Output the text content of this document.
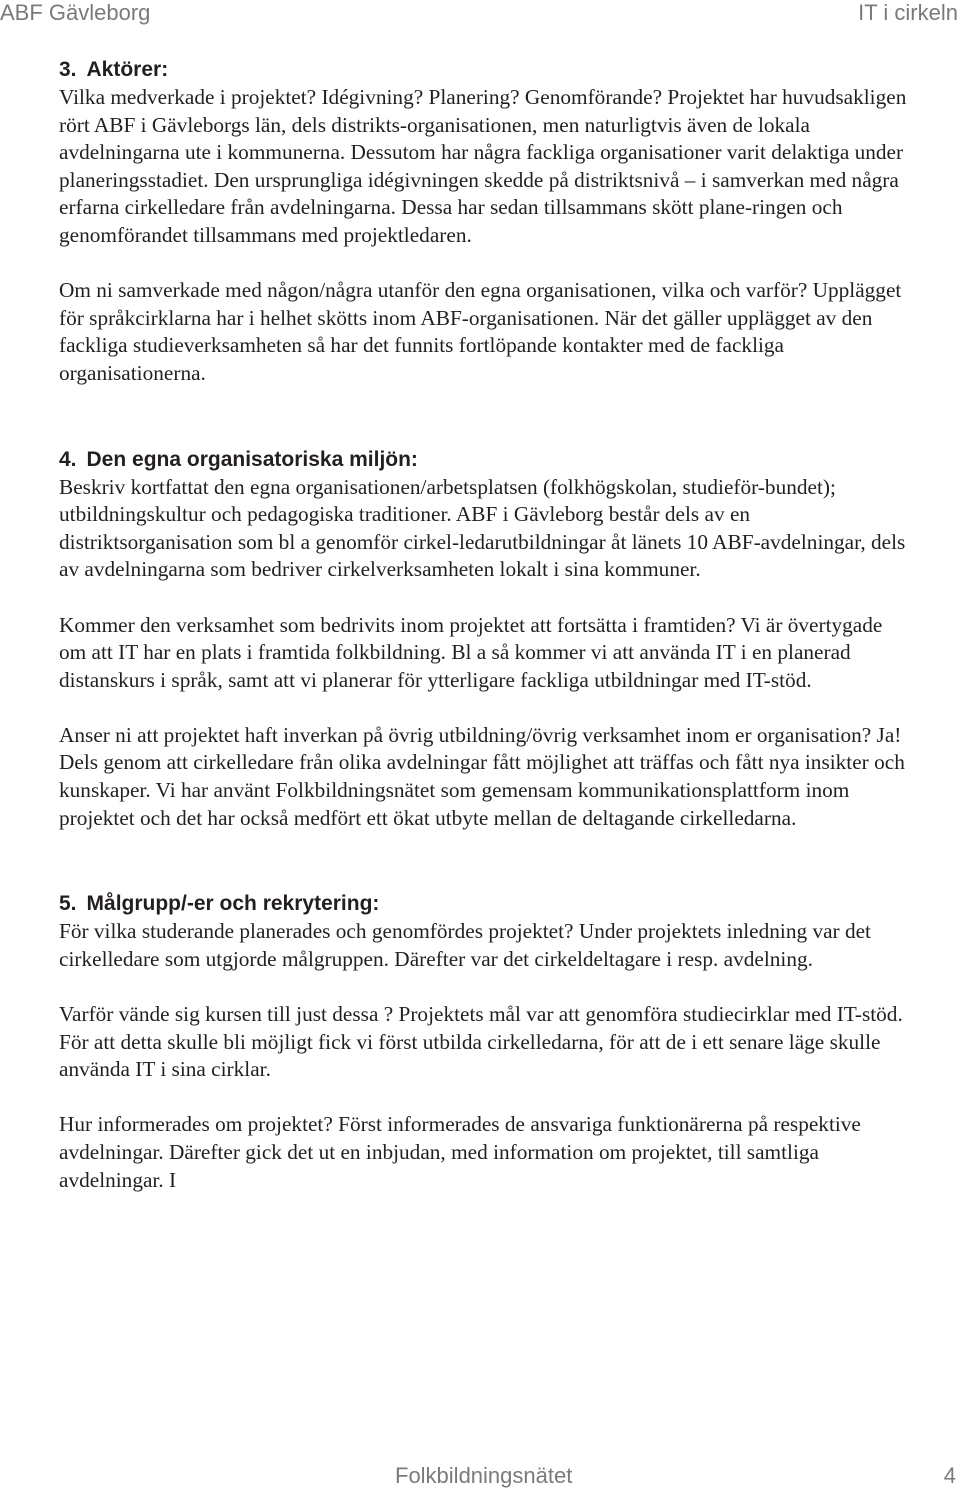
ABF Gävleborg	IT i cirkeln
3. Aktörer:

Vilka medverkade i projektet? Idégivning? Planering? Genomförande? Projektet har huvudsakligen rört ABF i Gävleborgs län, dels distrikts-organisationen, men naturligtvis även de lokala avdelningarna ute i kommunerna. Dessutom har några fackliga organisationer varit delaktiga under planeringsstadiet. Den ursprungliga idégivningen skedde på distriktsnivå – i samverkan med några erfarna cirkelledare från avdelningarna. Dessa har sedan tillsammans skött plane-ringen och genomförandet tillsammans med projektledaren.

Om ni samverkade med någon/några utanför den egna organisationen, vilka och varför? Upplägget för språkcirklarna har i helhet skötts inom ABF-organisationen. När det gäller upplägget av den fackliga studieverksamheten så har det funnits fortlöpande kontakter med de fackliga organisationerna.

4. Den egna organisatoriska miljön:

Beskriv kortfattat den egna organisationen/arbetsplatsen (folkhögskolan, studieför-bundet); utbildningskultur och pedagogiska traditioner. ABF i Gävleborg består dels av en distriktsorganisation som bl a genomför cirkel-ledarutbildningar åt länets 10 ABF-avdelningar, dels av avdelningarna som bedriver cirkelverksamheten lokalt i sina kommuner.

Kommer den verksamhet som bedrivits inom projektet att fortsätta i framtiden? Vi är övertygade om att IT har en plats i framtida folkbildning. Bl a så kommer vi att använda IT i en planerad distanskurs i språk, samt att vi planerar för ytterligare fackliga utbildningar med IT-stöd.

Anser ni att projektet haft inverkan på övrig utbildning/övrig verksamhet inom er organisation? Ja! Dels genom att cirkelledare från olika avdelningar fått möjlighet att träffas och fått nya insikter och kunskaper. Vi har använt Folkbildningsnätet som gemensam kommunikationsplattform inom projektet och det har också medfört ett ökat utbyte mellan de deltagande cirkelledarna.

5. Målgrupp/-er och rekrytering:

För vilka studerande planerades och genomfördes projektet? Under projektets inledning var det cirkelledare som utgjorde målgruppen. Därefter var det cirkeldeltagare i resp. avdelning.

Varför vände sig kursen till just dessa ? Projektets mål var att genomföra studiecirklar med IT-stöd. För att detta skulle bli möjligt fick vi först utbilda cirkelledarna, för att de i ett senare läge skulle använda IT i sina cirklar.

Hur informerades om projektet? Först informerades de ansvariga funktionärerna på respektive avdelningar. Därefter gick det ut en inbjudan, med information om projektet, till samtliga avdelningar. I

Folkbildningsnätet	4
